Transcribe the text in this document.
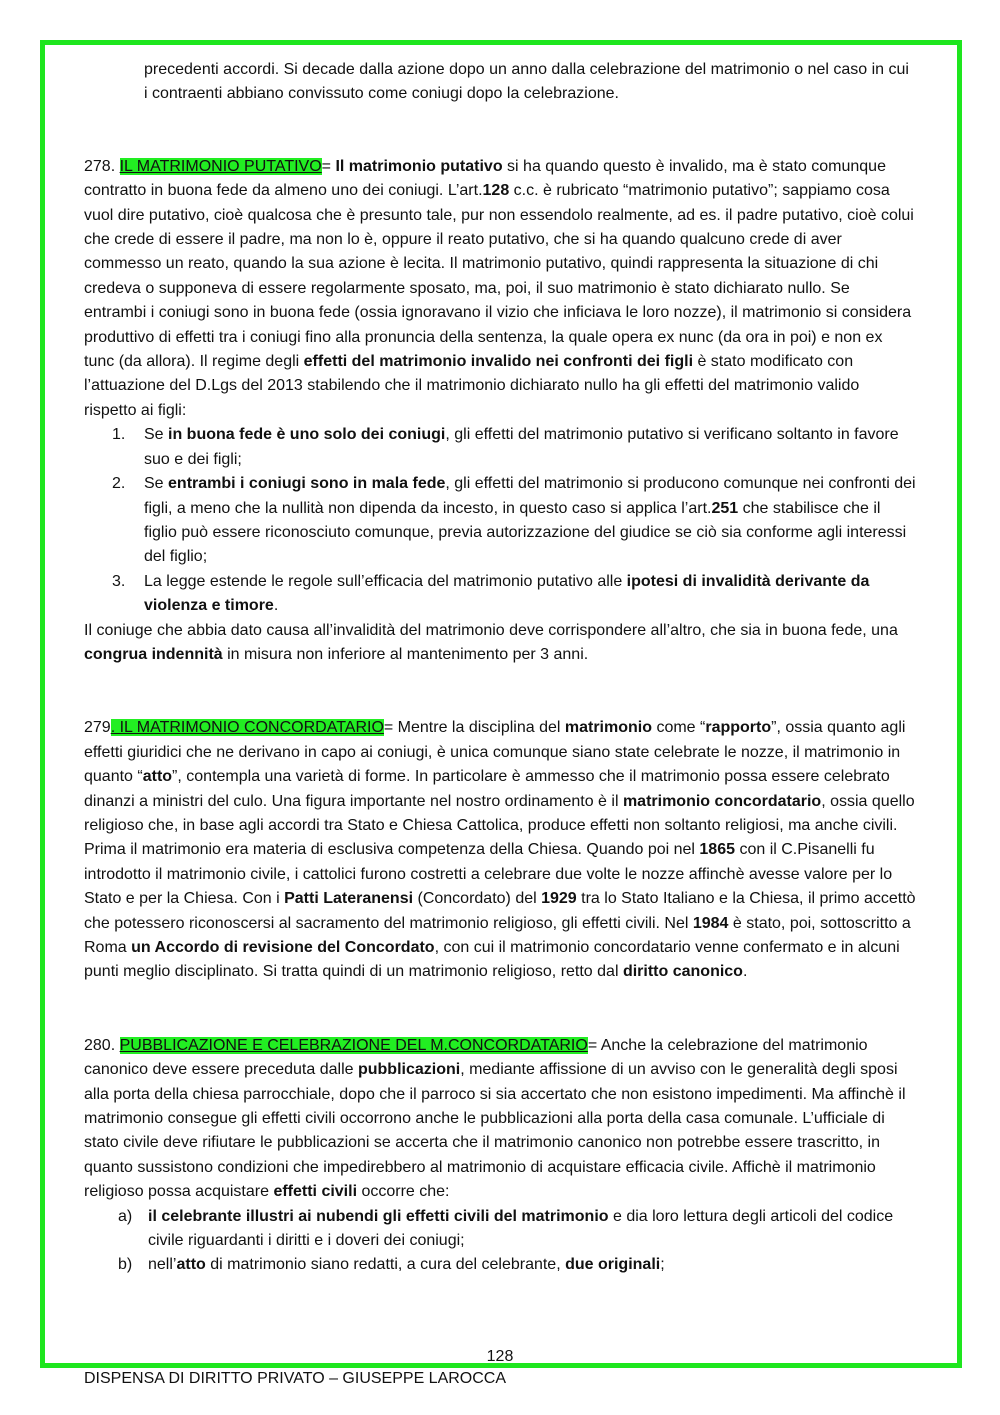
precedenti accordi. Si decade dalla azione dopo un anno dalla celebrazione del matrimonio o nel caso in cui i contraenti abbiano convissuto come coniugi dopo la celebrazione.

278. IL MATRIMONIO PUTATIVO= Il matrimonio putativo si ha quando questo è invalido, ma è stato comunque contratto in buona fede da almeno uno dei coniugi. L’art.128 c.c. è rubricato “matrimonio putativo”; sappiamo cosa vuol dire putativo, cioè qualcosa che è presunto tale, pur non essendolo realmente, ad es. il padre putativo, cioè colui che crede di essere il padre, ma non lo è, oppure il reato putativo, che si ha quando qualcuno crede di aver commesso un reato, quando la sua azione è lecita. Il matrimonio putativo, quindi rappresenta la situazione di chi credeva o supponeva di essere regolarmente sposato, ma, poi, il suo matrimonio è stato dichiarato nullo. Se entrambi i coniugi sono in buona fede (ossia ignoravano il vizio che inficiava le loro nozze), il matrimonio si considera produttivo di effetti tra i coniugi fino alla pronuncia della sentenza, la quale opera ex nunc (da ora in poi) e non ex tunc (da allora). Il regime degli effetti del matrimonio invalido nei confronti dei figli è stato modificato con l’attuazione del D.Lgs del 2013 stabilendo che il matrimonio dichiarato nullo ha gli effetti del matrimonio valido rispetto ai figli:

1. Se in buona fede è uno solo dei coniugi, gli effetti del matrimonio putativo si verificano soltanto in favore suo e dei figli;
2. Se entrambi i coniugi sono in mala fede, gli effetti del matrimonio si producono comunque nei confronti dei figli, a meno che la nullità non dipenda da incesto, in questo caso si applica l’art.251 che stabilisce che il figlio può essere riconosciuto comunque, previa autorizzazione del giudice se ciò sia conforme agli interessi del figlio;
3. La legge estende le regole sull’efficacia del matrimonio putativo alle ipotesi di invalidità derivante da violenza e timore.

Il coniuge che abbia dato causa all’invalidità del matrimonio deve corrispondere all’altro, che sia in buona fede, una congrua indennità in misura non inferiore al mantenimento per 3 anni.

279. IL MATRIMONIO CONCORDATARIO= Mentre la disciplina del matrimonio come “rapporto”, ossia quanto agli effetti giuridici che ne derivano in capo ai coniugi, è unica comunque siano state celebrate le nozze, il matrimonio in quanto “atto”, contempla una varietà di forme. In particolare è ammesso che il matrimonio possa essere celebrato dinanzi a ministri del culo. Una figura importante nel nostro ordinamento è il matrimonio concordatario, ossia quello religioso che, in base agli accordi tra Stato e Chiesa Cattolica, produce effetti non soltanto religiosi, ma anche civili. Prima il matrimonio era materia di esclusiva competenza della Chiesa. Quando poi nel 1865 con il C.Pisanelli fu introdotto il matrimonio civile, i cattolici furono costretti a celebrare due volte le nozze affinchè avesse valore per lo Stato e per la Chiesa. Con i Patti Lateranensi (Concordato) del 1929 tra lo Stato Italiano e la Chiesa, il primo accettò che potessero riconoscersi al sacramento del matrimonio religioso, gli effetti civili. Nel 1984 è stato, poi, sottoscritto a Roma un Accordo di revisione del Concordato, con cui il matrimonio concordatario venne confermato e in alcuni punti meglio disciplinato. Si tratta quindi di un matrimonio religioso, retto dal diritto canonico.

280. PUBBLICAZIONE E CELEBRAZIONE DEL M.CONCORDATARIO= Anche la celebrazione del matrimonio canonico deve essere preceduta dalle pubblicazioni, mediante affissione di un avviso con le generalità degli sposi alla porta della chiesa parrocchiale, dopo che il parroco si sia accertato che non esistono impedimenti. Ma affinchè il matrimonio consegue gli effetti civili occorrono anche le pubblicazioni alla porta della casa comunale. L’ufficiale di stato civile deve rifiutare le pubblicazioni se accerta che il matrimonio canonico non potrebbe essere trascritto, in quanto sussistono condizioni che impedirebbero al matrimonio di acquistare efficacia civile. Affichè il matrimonio religioso possa acquistare effetti civili occorre che:

a) il celebrante illustri ai nubendi gli effetti civili del matrimonio e dia loro lettura degli articoli del codice civile riguardanti i diritti e i doveri dei coniugi;
b) nell’atto di matrimonio siano redatti, a cura del celebrante, due originali;
128
DISPENSA DI DIRITTO PRIVATO – GIUSEPPE LAROCCA
